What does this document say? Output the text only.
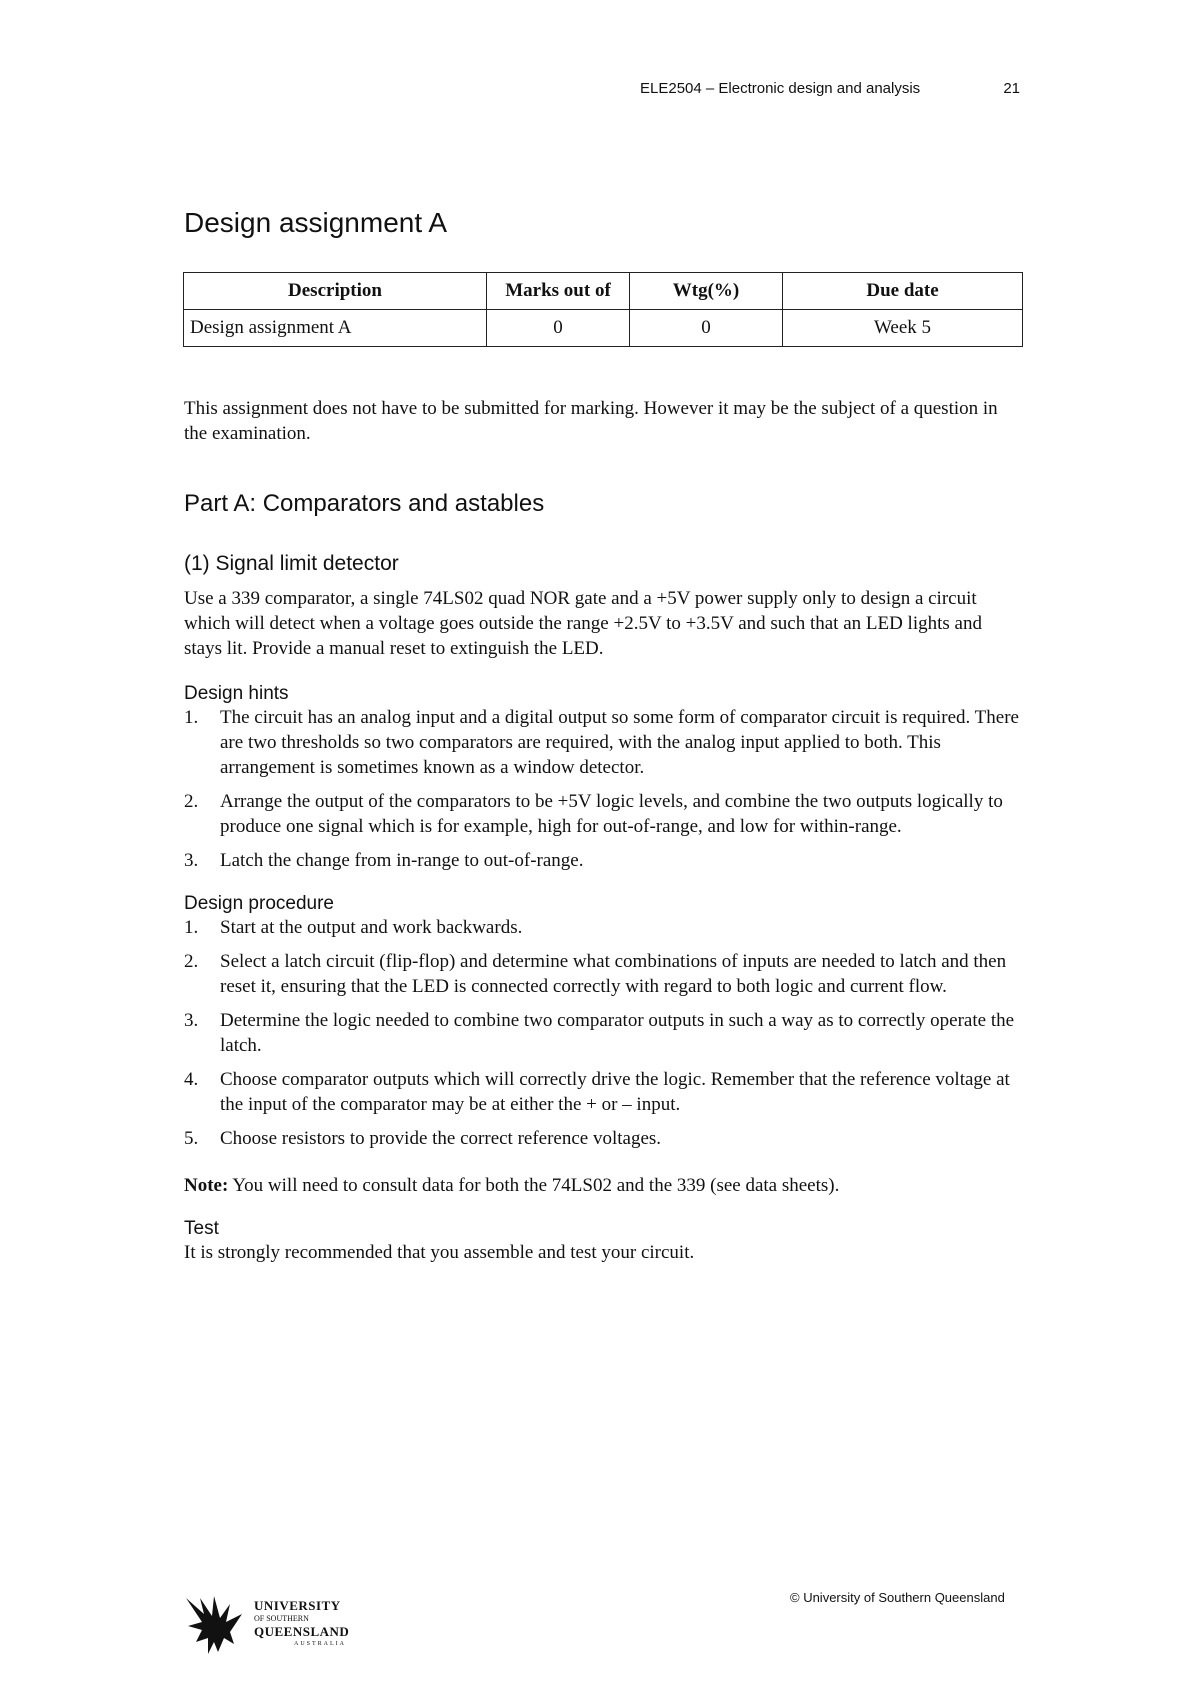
ELE2504 – Electronic design and analysis	21
Design assignment A
Description	Marks out of	Wtg(%)	Due date
Design assignment A	0	0	Week 5

This assignment does not have to be submitted for marking. However it may be the subject of a question in the examination.

Part A: Comparators and astables
(1) Signal limit detector

Use a 339 comparator, a single 74LS02 quad NOR gate and a +5V power supply only to design a circuit which will detect when a voltage goes outside the range +2.5V to +3.5V and such that an LED lights and stays lit. Provide a manual reset to extinguish the LED.

Design hints
1.	The circuit has an analog input and a digital output so some form of comparator circuit is required. There are two thresholds so two comparators are required, with the analog input applied to both. This arrangement is sometimes known as a window detector.
2.	Arrange the output of the comparators to be +5V logic levels, and combine the two outputs logically to produce one signal which is for example, high for out-of-range, and low for within-range.
3.	Latch the change from in-range to out-of-range.
Design procedure
1.	Start at the output and work backwards.
2.	Select a latch circuit (flip-flop) and determine what combinations of inputs are needed to latch and then reset it, ensuring that the LED is connected correctly with regard to both logic and current flow.
3.	Determine the logic needed to combine two comparator outputs in such a way as to correctly operate the latch.
4.	Choose comparator outputs which will correctly drive the logic. Remember that the reference voltage at the input of the comparator may be at either the + or – input.
5.	Choose resistors to provide the correct reference voltages.

Note: You will need to consult data for both the 74LS02 and the 339 (see data sheets).

Test

It is strongly recommended that you assemble and test your circuit.

UNIVERSITY
OF SOUTHERN
QUEENSLAND
AUSTRALIA
© University of Southern Queensland
